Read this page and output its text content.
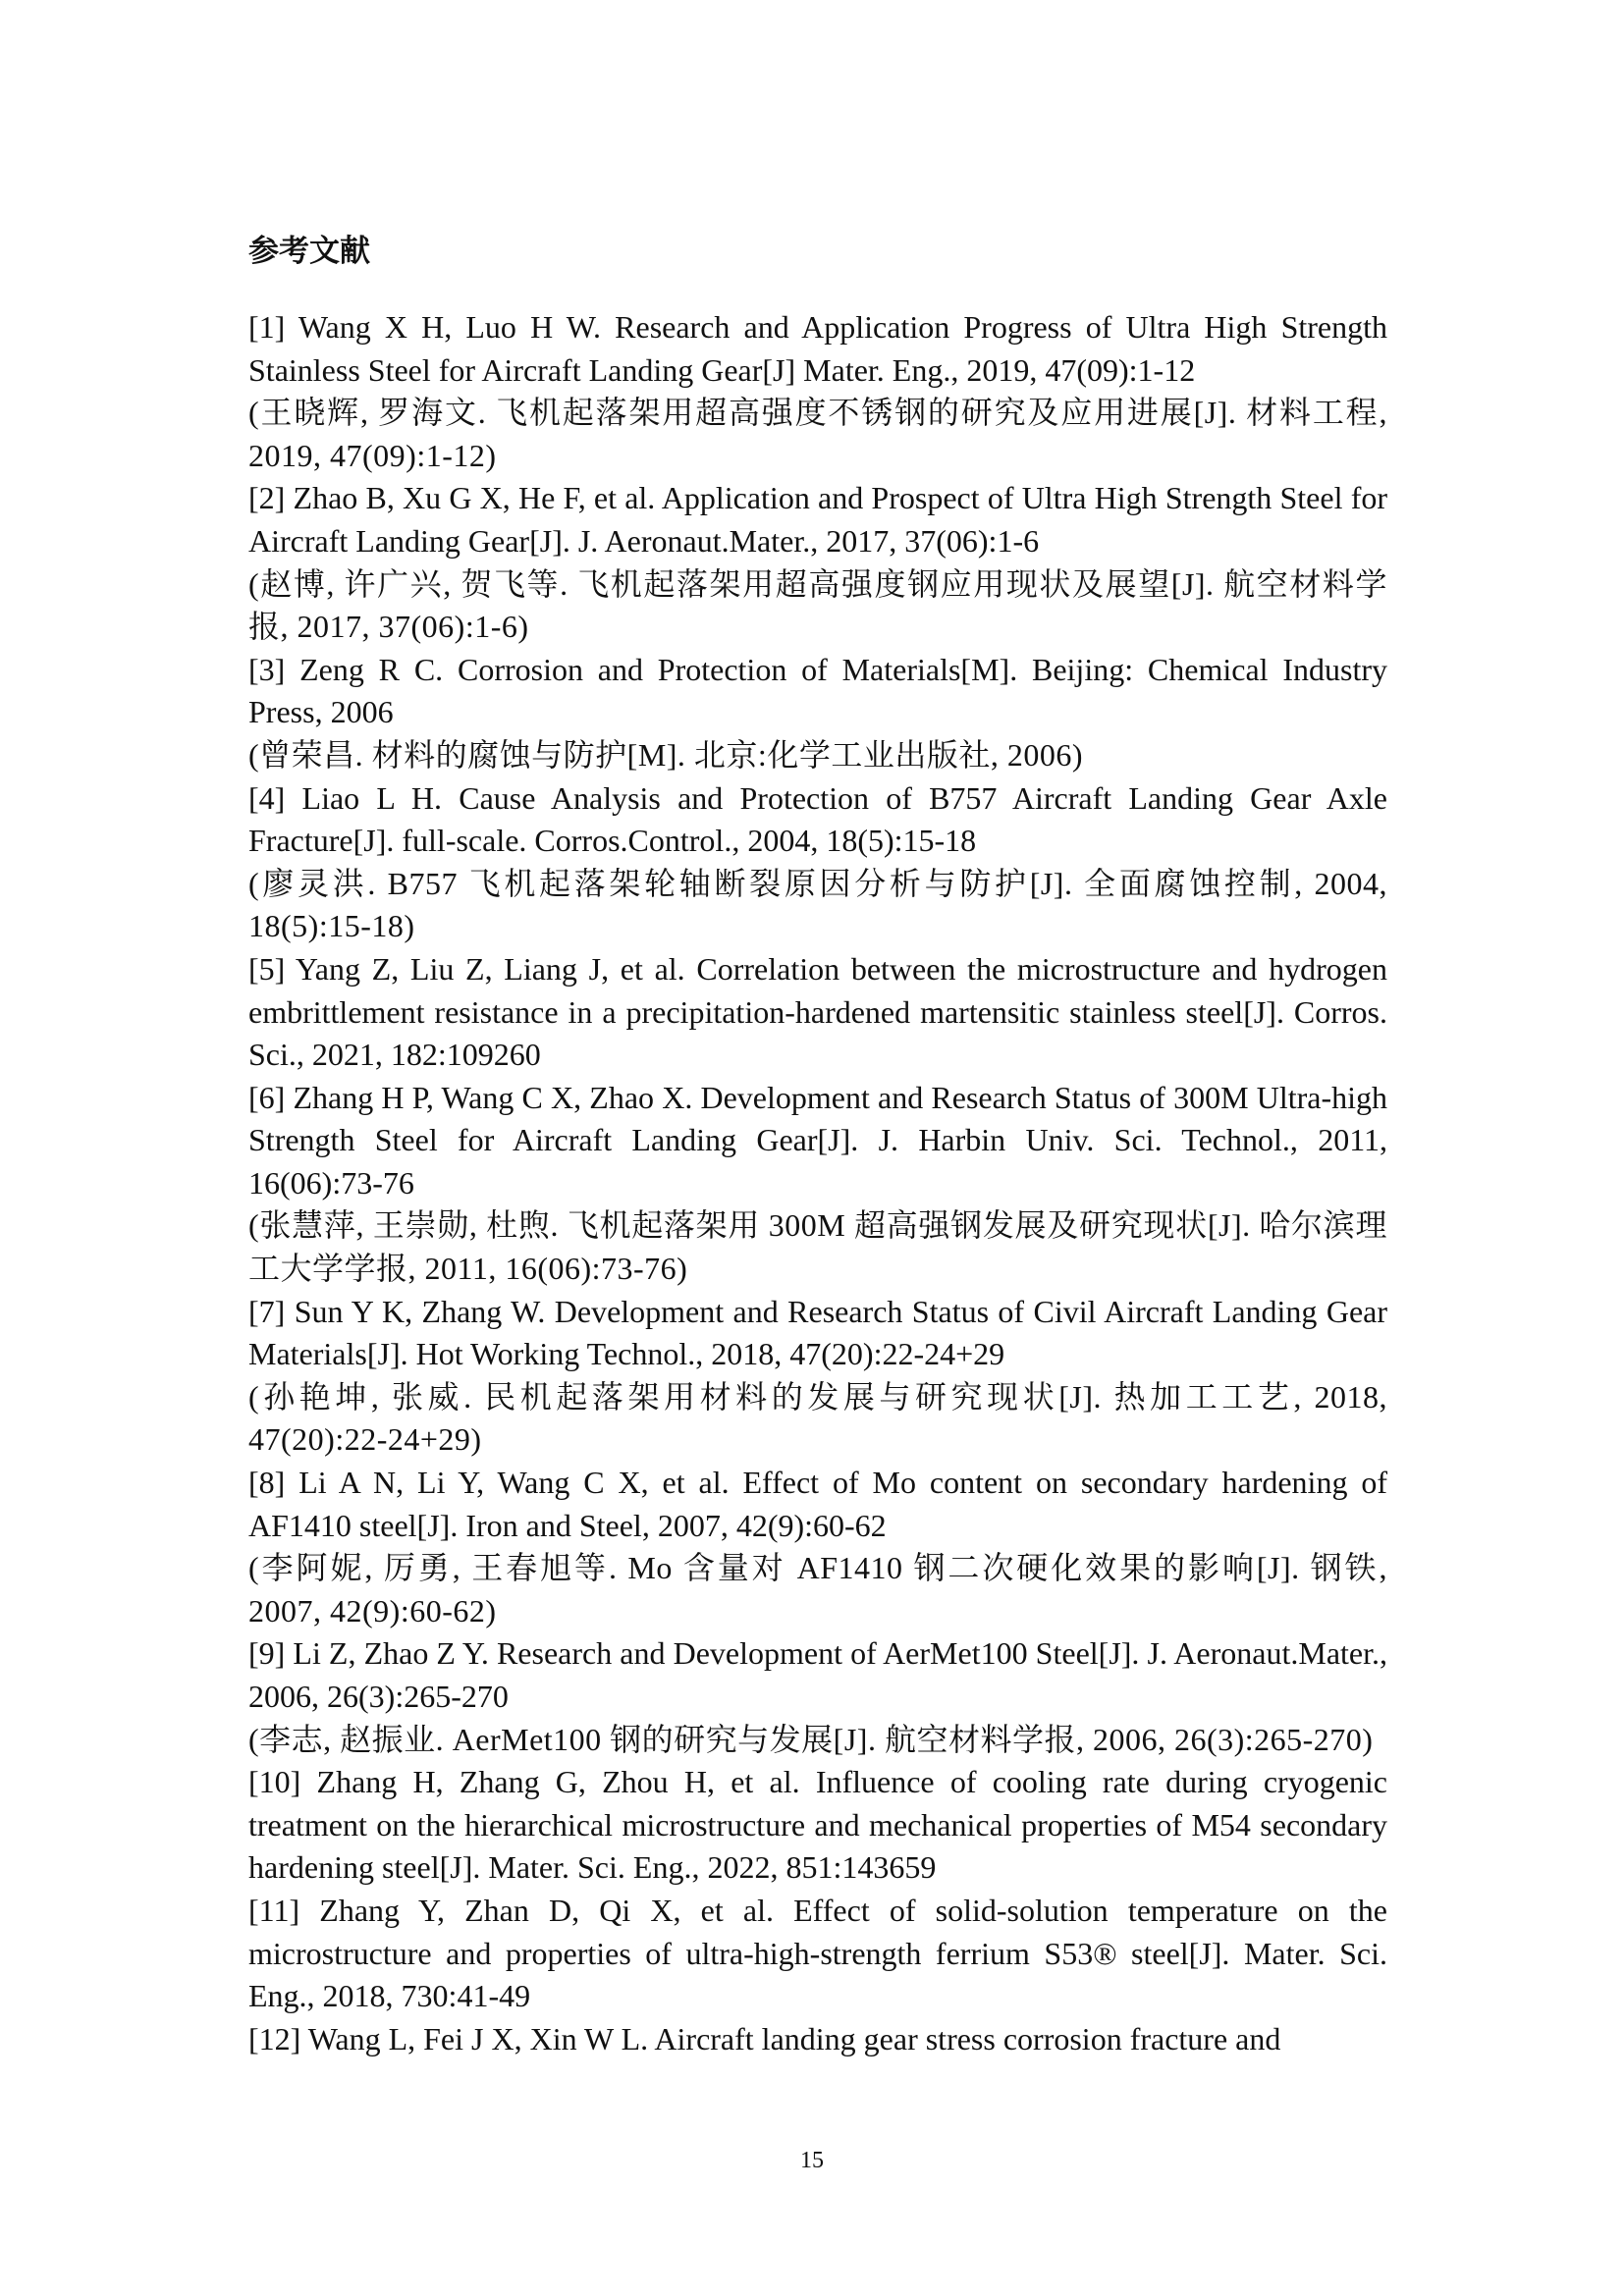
参考文献

[1] Wang X H, Luo H W. Research and Application Progress of Ultra High Strength Stainless Steel for Aircraft Landing Gear[J] Mater. Eng., 2019, 47(09):1-12

(王晓辉, 罗海文. 飞机起落架用超高强度不锈钢的研究及应用进展[J]. 材料工程, 2019, 47(09):1-12)

[2] Zhao B, Xu G X, He F, et al. Application and Prospect of Ultra High Strength Steel for Aircraft Landing Gear[J]. J. Aeronaut.Mater., 2017, 37(06):1-6

(赵博, 许广兴, 贺飞等. 飞机起落架用超高强度钢应用现状及展望[J]. 航空材料学报, 2017, 37(06):1-6)

[3] Zeng R C. Corrosion and Protection of Materials[M]. Beijing: Chemical Industry Press, 2006

(曾荣昌. 材料的腐蚀与防护[M]. 北京:化学工业出版社, 2006)

[4] Liao L H. Cause Analysis and Protection of B757 Aircraft Landing Gear Axle Fracture[J]. full-scale. Corros.Control., 2004, 18(5):15-18

(廖灵洪. B757 飞机起落架轮轴断裂原因分析与防护[J]. 全面腐蚀控制, 2004, 18(5):15-18)

[5] Yang Z, Liu Z, Liang J, et al. Correlation between the microstructure and hydrogen embrittlement resistance in a precipitation-hardened martensitic stainless steel[J]. Corros. Sci., 2021, 182:109260

[6] Zhang H P, Wang C X, Zhao X. Development and Research Status of 300M Ultra-high Strength Steel for Aircraft Landing Gear[J]. J. Harbin Univ. Sci. Technol., 2011, 16(06):73-76

(张慧萍, 王崇勋, 杜煦. 飞机起落架用 300M 超高强钢发展及研究现状[J]. 哈尔滨理工大学学报, 2011, 16(06):73-76)

[7] Sun Y K, Zhang W. Development and Research Status of Civil Aircraft Landing Gear Materials[J]. Hot Working Technol., 2018, 47(20):22-24+29

(孙艳坤, 张威. 民机起落架用材料的发展与研究现状[J]. 热加工工艺, 2018, 47(20):22-24+29)

[8] Li A N, Li Y, Wang C X, et al. Effect of Mo content on secondary hardening of AF1410 steel[J]. Iron and Steel, 2007, 42(9):60-62

(李阿妮, 厉勇, 王春旭等. Mo 含量对 AF1410 钢二次硬化效果的影响[J]. 钢铁, 2007, 42(9):60-62)

[9] Li Z, Zhao Z Y. Research and Development of AerMet100 Steel[J]. J. Aeronaut.Mater., 2006, 26(3):265-270

(李志, 赵振业. AerMet100 钢的研究与发展[J]. 航空材料学报, 2006, 26(3):265-270)

[10] Zhang H, Zhang G, Zhou H, et al. Influence of cooling rate during cryogenic treatment on the hierarchical microstructure and mechanical properties of M54 secondary hardening steel[J]. Mater. Sci. Eng., 2022, 851:143659

[11] Zhang Y, Zhan D, Qi X, et al. Effect of solid-solution temperature on the microstructure and properties of ultra-high-strength ferrium S53® steel[J]. Mater. Sci. Eng., 2018, 730:41-49

[12] Wang L, Fei J X, Xin W L. Aircraft landing gear stress corrosion fracture and

15
